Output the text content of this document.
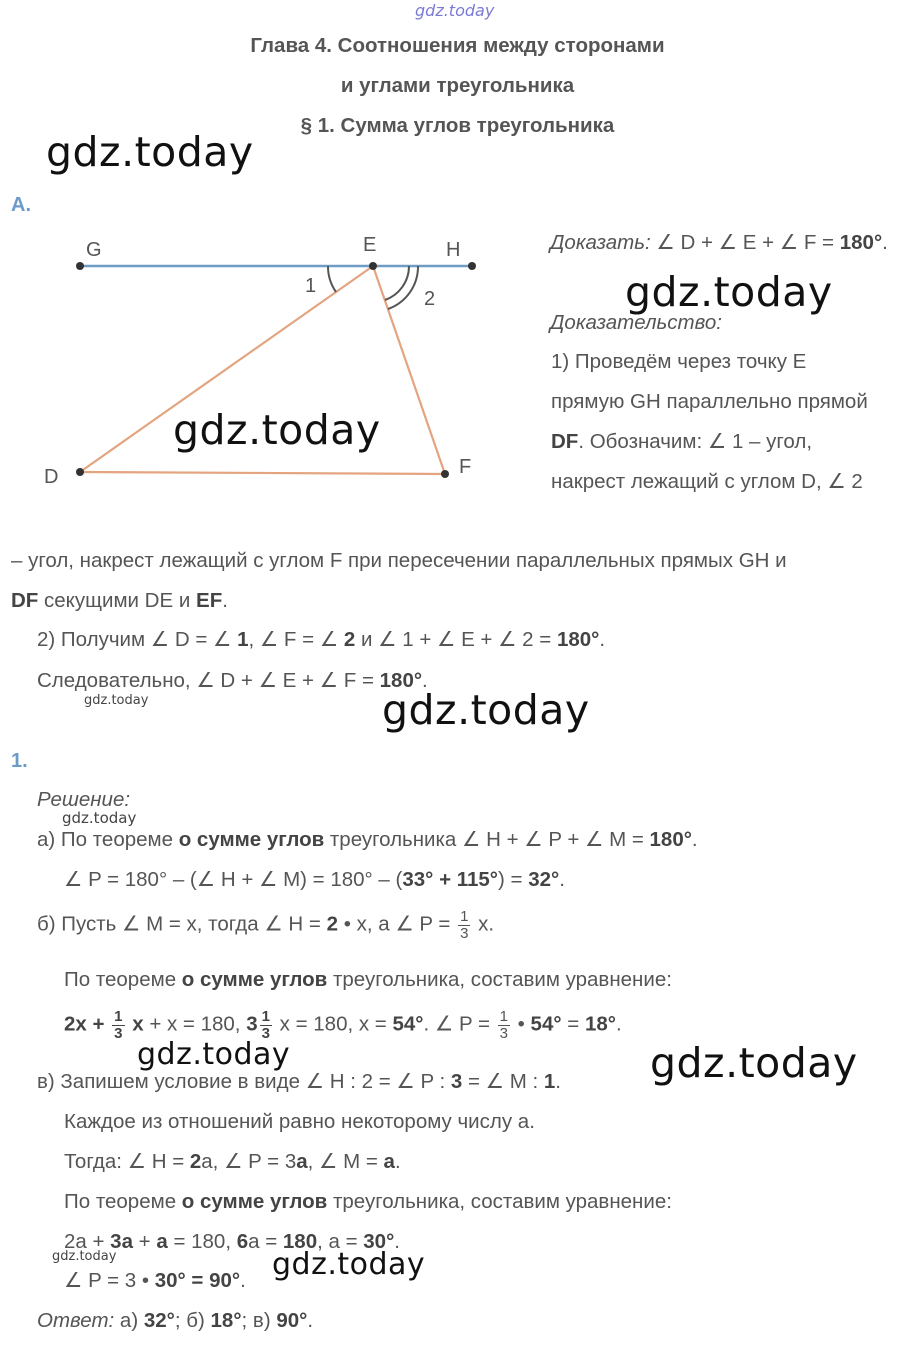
gdz.today
Глава 4. Соотношения между сторонами
и углами треугольника
§ 1. Сумма углов треугольника
gdz.today
А.
G	E	H
D	F
1
2
gdz.today
Доказать: ∠ D + ∠ E + ∠ F = 180°.
gdz.today
Доказательство:
1) Проведём через точку E
прямую GH параллельно прямой
DF. Обозначим: ∠ 1 – угол,
накрест лежащий с углом D, ∠ 2
– угол, накрест лежащий с углом F при пересечении параллельных прямых GH и
DF секущими DE и EF.
2) Получим ∠ D = ∠ 1, ∠ F = ∠ 2 и ∠ 1 + ∠ E + ∠ 2 = 180°.
Следовательно, ∠ D + ∠ E + ∠ F = 180°.
gdz.today	gdz.today
1.
Решение:
gdz.today
а) По теореме о сумме углов треугольника ∠ H + ∠ P + ∠ M = 180°.
∠ P = 180° – (∠ H + ∠ M) = 180° – (33° + 115°) = 32°.
б) Пусть ∠ M = x, тогда ∠ H = 2 • x, а ∠ $P = \frac{1}{3} x$.
По теореме о сумме углов треугольника, составим уравнение:
$2x + \frac{1}{3}$ x + x = 180, $3 \frac{1}{3}$ x = 180, x = 54°. ∠ $P = \frac{1}{3}$ • 54° = 18°.
gdz.today	gdz.today
в) Запишем условие в виде ∠ H : 2 = ∠ P : 3 = ∠ M : 1.
Каждое из отношений равно некоторому числу а.
Тогда: ∠ H = 2a, ∠ P = 3a, ∠ M = a.
По теореме о сумме углов треугольника, составим уравнение:
2a + 3a + a = 180, 6a = 180, a = 30°.
gdz.today
∠ P = 3 • 30° = 90°. gdz.today
Ответ: а) 32°; б) 18°; в) 90°.
